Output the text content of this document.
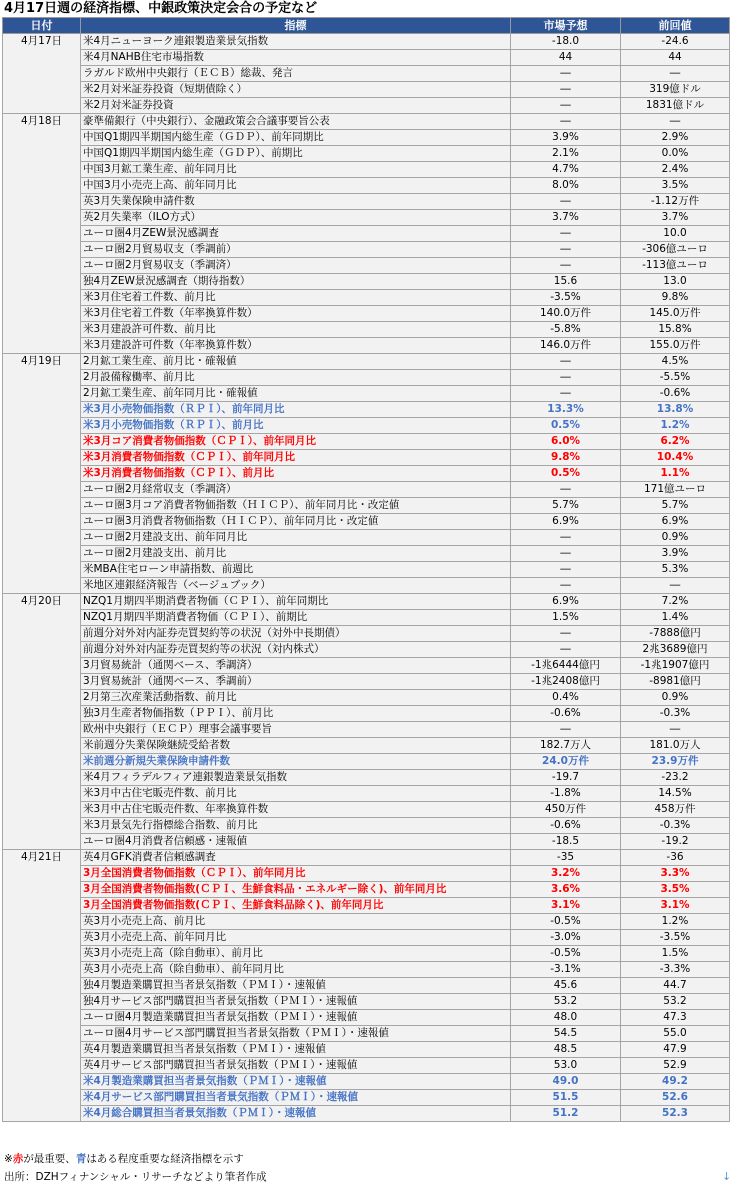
4月17日週の経済指標、中銀政策決定会合の予定など
日付	指標	市場予想	前回値
4月17日	米4月ニューヨーク連銀製造業景気指数	-18.0	-24.6
	米4月NAHB住宅市場指数	44	44
	ラガルド欧州中央銀行（ＥＣＢ）総裁、発言	―	―
	米2月対米証券投資（短期債除く）	―	319億ドル
	米2月対米証券投資	―	1831億ドル
4月18日	豪準備銀行（中央銀行）、金融政策会合議事要旨公表	―	―
	中国Q1期四半期国内総生産（ＧＤＰ）、前年同期比	3.9%	2.9%
	中国Q1期四半期国内総生産（ＧＤＰ）、前期比	2.1%	0.0%
	中国3月鉱工業生産、前年同月比	4.7%	2.4%
	中国3月小売売上高、前年同月比	8.0%	3.5%
	英3月失業保険申請件数	―	-1.12万件
	英2月失業率（ILO方式）	3.7%	3.7%
	ユーロ圏4月ZEW景況感調査	―	10.0
	ユーロ圏2月貿易収支（季調前）	―	-306億ユーロ
	ユーロ圏2月貿易収支（季調済）	―	-113億ユーロ
	独4月ZEW景況感調査（期待指数）	15.6	13.0
	米3月住宅着工件数、前月比	-3.5%	9.8%
	米3月住宅着工件数（年率換算件数）	140.0万件	145.0万件
	米3月建設許可件数、前月比	-5.8%	15.8%
	米3月建設許可件数（年率換算件数）	146.0万件	155.0万件
4月19日	2月鉱工業生産、前月比・確報値	―	4.5%
	2月設備稼働率、前月比	―	-5.5%
	2月鉱工業生産、前年同月比・確報値	―	-0.6%
	米3月小売物価指数（ＲＰＩ）、前年同月比	13.3%	13.8%
	米3月小売物価指数（ＲＰＩ）、前月比	0.5%	1.2%
	米3月コア消費者物価指数（ＣＰＩ）、前年同月比	6.0%	6.2%
	米3月消費者物価指数（ＣＰＩ）、前年同月比	9.8%	10.4%
	米3月消費者物価指数（ＣＰＩ）、前月比	0.5%	1.1%
	ユーロ圏2月経常収支（季調済）	―	171億ユーロ
	ユーロ圏3月コア消費者物価指数（ＨＩＣＰ）、前年同月比・改定値	5.7%	5.7%
	ユーロ圏3月消費者物価指数（ＨＩＣＰ）、前年同月比・改定値	6.9%	6.9%
	ユーロ圏2月建設支出、前年同月比	―	0.9%
	ユーロ圏2月建設支出、前月比	―	3.9%
	米MBA住宅ローン申請指数、前週比	―	5.3%
	米地区連銀経済報告（ベージュブック）	―	―
4月20日	NZQ1月期四半期消費者物価（ＣＰＩ）、前年同期比	6.9%	7.2%
	NZQ1月期四半期消費者物価（ＣＰＩ）、前期比	1.5%	1.4%
	前週分対外対内証券売買契約等の状況（対外中長期債）	―	-7888億円
	前週分対外対内証券売買契約等の状況（対内株式）	―	2兆3689億円
	3月貿易統計（通関ベース、季調済）	-1兆6444億円	-1兆1907億円
	3月貿易統計（通関ベース、季調前）	-1兆2408億円	-8981億円
	2月第三次産業活動指数、前月比	0.4%	0.9%
	独3月生産者物価指数（ＰＰＩ）、前月比	-0.6%	-0.3%
	欧州中央銀行（ＥＣＰ）理事会議事要旨	―	―
	米前週分失業保険継続受給者数	182.7万人	181.0万人
	米前週分新規失業保険申請件数	24.0万件	23.9万件
	米4月フィラデルフィア連銀製造業景気指数	-19.7	-23.2
	米3月中古住宅販売件数、前月比	-1.8%	14.5%
	米3月中古住宅販売件数、年率換算件数	450万件	458万件
	米3月景気先行指標総合指数、前月比	-0.6%	-0.3%
	ユーロ圏4月消費者信頼感・速報値	-18.5	-19.2
4月21日	英4月GFK消費者信頼感調査	-35	-36
	3月全国消費者物価指数（ＣＰＩ）、前年同月比	3.2%	3.3%
	3月全国消費者物価指数(ＣＰＩ、生鮮食料品・エネルギー除く)、前年同月比	3.6%	3.5%
	3月全国消費者物価指数(ＣＰＩ、生鮮食料品除く)、前年同月比	3.1%	3.1%
	英3月小売売上高、前月比	-0.5%	1.2%
	英3月小売売上高、前年同月比	-3.0%	-3.5%
	英3月小売売上高（除自動車）、前月比	-0.5%	1.5%
	英3月小売売上高（除自動車）、前年同月比	-3.1%	-3.3%
	独4月製造業購買担当者景気指数（ＰＭＩ）・速報値	45.6	44.7
	独4月サービス部門購買担当者景気指数（ＰＭＩ）・速報値	53.2	53.2
	ユーロ圏4月製造業購買担当者景気指数（ＰＭＩ）・速報値	48.0	47.3
	ユーロ圏4月サービス部門購買担当者景気指数（ＰＭＩ）・速報値	54.5	55.0
	英4月製造業購買担当者景気指数（ＰＭＩ）・速報値	48.5	47.9
	英4月サービス部門購買担当者景気指数（ＰＭＩ）・速報値	53.0	52.9
	米4月製造業購買担当者景気指数（ＰＭＩ）・速報値	49.0	49.2
	米4月サービス部門購買担当者景気指数（ＰＭＩ）・速報値	51.5	52.6
	米4月総合購買担当者景気指数（ＰＭＩ）・速報値	51.2	52.3
※赤が最重要、青はある程度重要な経済指標を示す
出所：DZHフィナンシャル・リサーチなどより筆者作成	↓
